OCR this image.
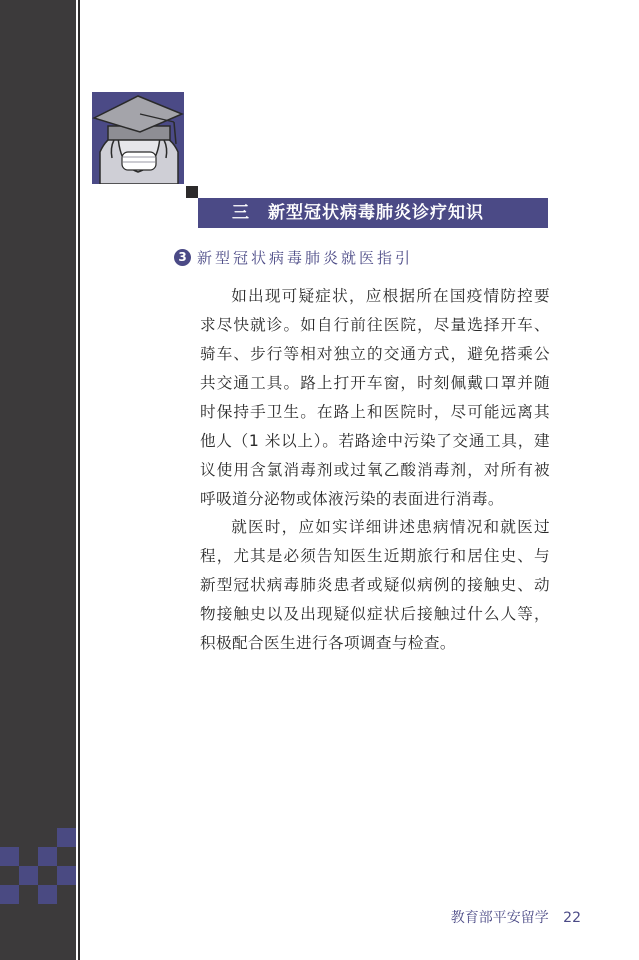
三　新型冠状病毒肺炎诊疗知识
3 新型冠状病毒肺炎就医指引

如出现可疑症状，应根据所在国疫情防控要求尽快就诊。如自行前往医院，尽量选择开车、骑车、步行等相对独立的交通方式，避免搭乘公共交通工具。路上打开车窗，时刻佩戴口罩并随时保持手卫生。在路上和医院时，尽可能远离其他人（1 米以上）。若路途中污染了交通工具，建议使用含氯消毒剂或过氧乙酸消毒剂，对所有被呼吸道分泌物或体液污染的表面进行消毒。

就医时，应如实详细讲述患病情况和就医过程，尤其是必须告知医生近期旅行和居住史、与新型冠状病毒肺炎患者或疑似病例的接触史、动物接触史以及出现疑似症状后接触过什么人等，积极配合医生进行各项调查与检查。

教育部平安留学 22
